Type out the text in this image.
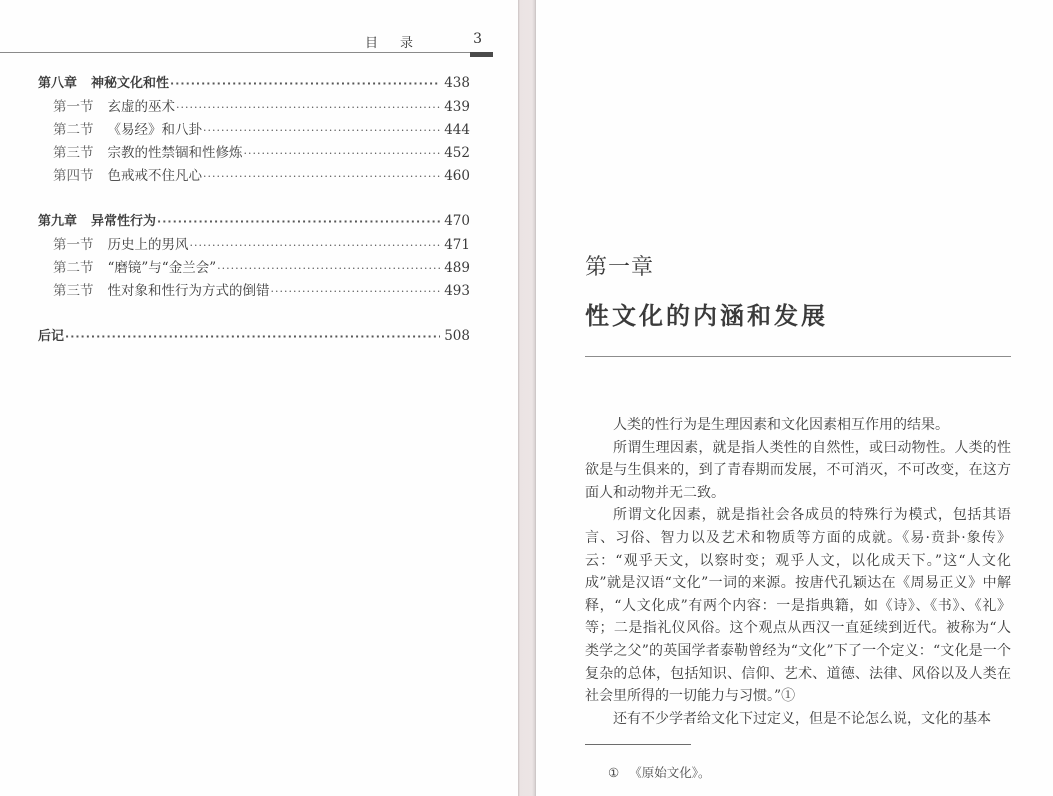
目录	3
第八章 神秘文化和性 ·····	438
第一节 玄虚的巫术 ·····	439
第二节 《易经》和八卦 ·····	444
第三节 宗教的性禁锢和性修炼 ·····	452
第四节 色戒戒不住凡心 ·····	460
第九章 异常性行为 ·····	470
第一节 历史上的男风 ·····	471
第二节 “磨镜”与“金兰会” ·····	489
第三节 性对象和性行为方式的倒错 ·····	493
后记 ·····	508
第一章
性文化的内涵和发展

人类的性行为是生理因素和文化因素相互作用的结果。

所谓生理因素，就是指人类性的自然性，或曰动物性。人类的性欲是与生俱来的，到了青春期而发展，不可消灭，不可改变，在这方面人和动物并无二致。

所谓文化因素，就是指社会各成员的特殊行为模式，包括其语言、习俗、智力以及艺术和物质等方面的成就。《易·贲卦·象传》云：“观乎天文，以察时变；观乎人文，以化成天下。”这“人文化成”就是汉语“文化”一词的来源。按唐代孔颖达在《周易正义》中解释，“人文化成”有两个内容：一是指典籍，如《诗》、《书》、《礼》等；二是指礼仪风俗。这个观点从西汉一直延续到近代。被称为“人类学之父”的英国学者泰勒曾经为“文化”下了一个定义：“文化是一个复杂的总体，包括知识、信仰、艺术、道德、法律、风俗以及人类在社会里所得的一切能力与习惯。”①

还有不少学者给文化下过定义，但是不论怎么说，文化的基本

① 《原始文化》。
